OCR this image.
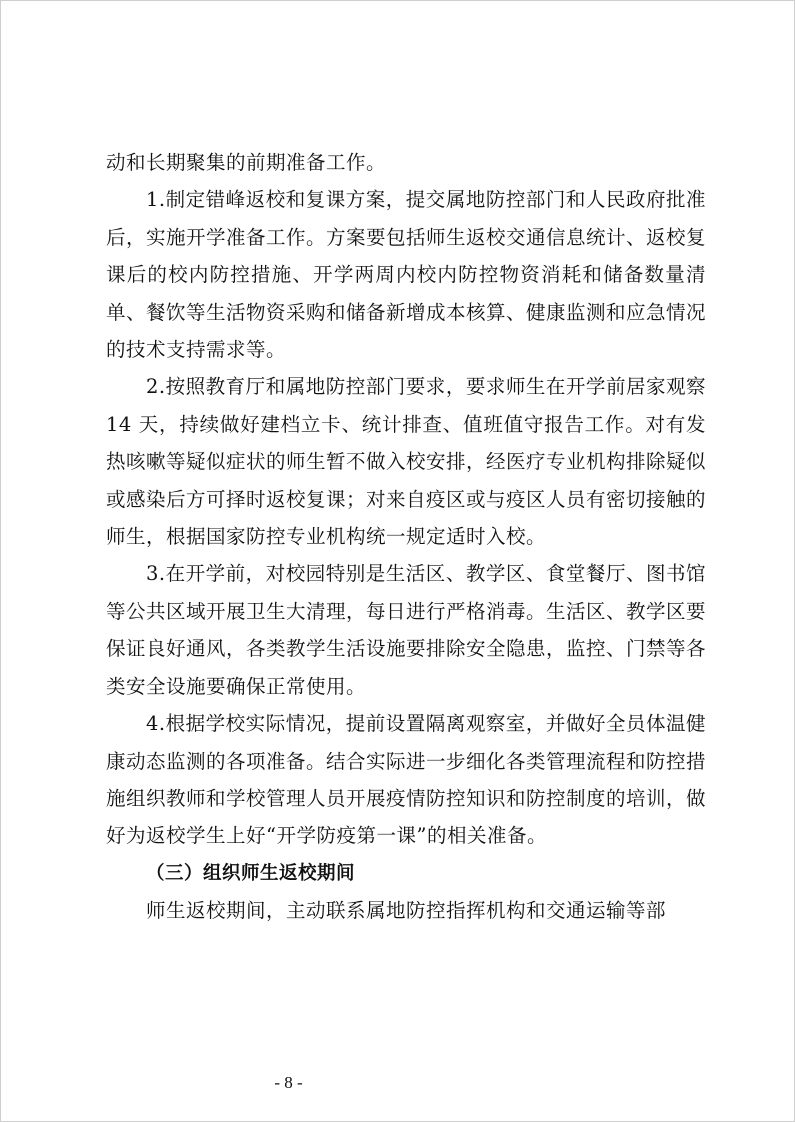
动和长期聚集的前期准备工作。

1.制定错峰返校和复课方案，提交属地防控部门和人民政府批准后，实施开学准备工作。方案要包括师生返校交通信息统计、返校复课后的校内防控措施、开学两周内校内防控物资消耗和储备数量清单、餐饮等生活物资采购和储备新增成本核算、健康监测和应急情况的技术支持需求等。

2.按照教育厅和属地防控部门要求，要求师生在开学前居家观察 14 天，持续做好建档立卡、统计排查、值班值守报告工作。对有发热咳嗽等疑似症状的师生暂不做入校安排，经医疗专业机构排除疑似或感染后方可择时返校复课；对来自疫区或与疫区人员有密切接触的师生，根据国家防控专业机构统一规定适时入校。

3.在开学前，对校园特别是生活区、教学区、食堂餐厅、图书馆等公共区域开展卫生大清理，每日进行严格消毒。生活区、教学区要保证良好通风，各类教学生活设施要排除安全隐患，监控、门禁等各类安全设施要确保正常使用。

4.根据学校实际情况，提前设置隔离观察室，并做好全员体温健康动态监测的各项准备。结合实际进一步细化各类管理流程和防控措施组织教师和学校管理人员开展疫情防控知识和防控制度的培训，做好为返校学生上好“开学防疫第一课”的相关准备。

（三）组织师生返校期间

师生返校期间，主动联系属地防控指挥机构和交通运输等部

- 8 -
